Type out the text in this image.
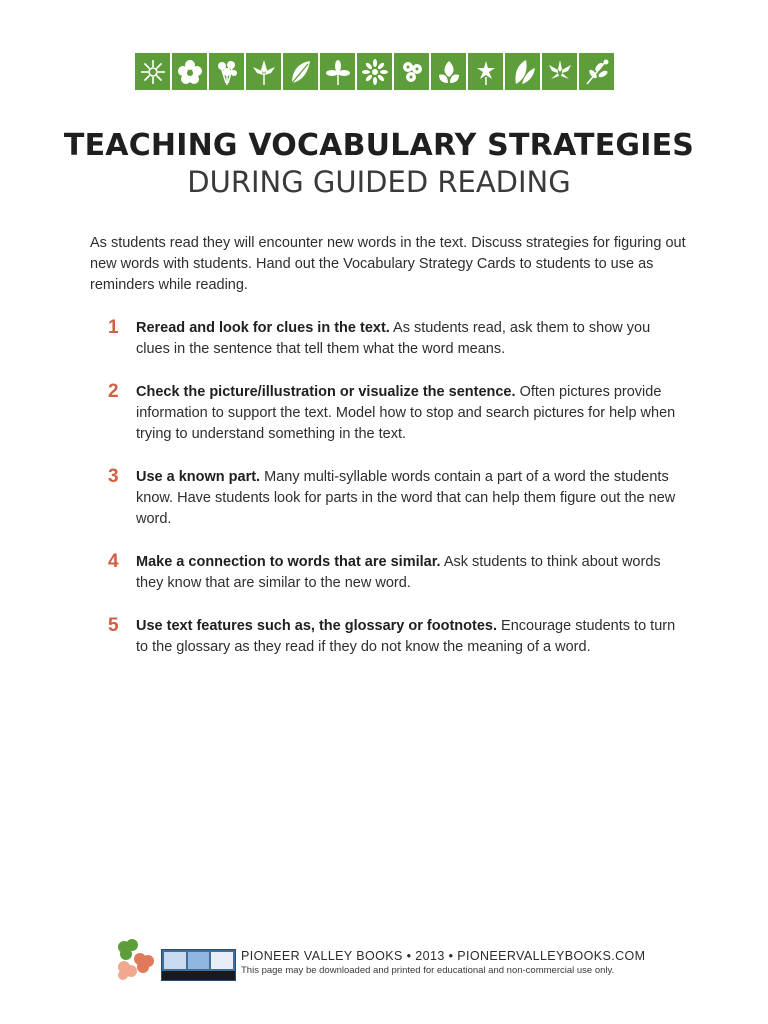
TEACHING VOCABULARY STRATEGIES
DURING GUIDED READING

As students read they will encounter new words in the text. Discuss strategies for figuring out new words with students. Hand out the Vocabulary Strategy Cards to students to use as reminders while reading.

1	Reread and look for clues in the text. As students read, ask them to show you clues in the sentence that tell them what the word means.
2	Check the picture/illustration or visualize the sentence. Often pictures provide information to support the text. Model how to stop and search pictures for help when trying to understand something in the text.
3	Use a known part. Many multi-syllable words contain a part of a word the students know. Have students look for parts in the word that can help them figure out the new word.
4	Make a connection to words that are similar. Ask students to think about words they know that are similar to the new word.
5	Use text features such as, the glossary or footnotes. Encourage students to turn to the glossary as they read if they do not know the meaning of a word.
PIONEER VALLEY BOOKS • 2013 • PIONEERVALLEYBOOKS.COM
This page may be downloaded and printed for educational and non-commercial use only.
